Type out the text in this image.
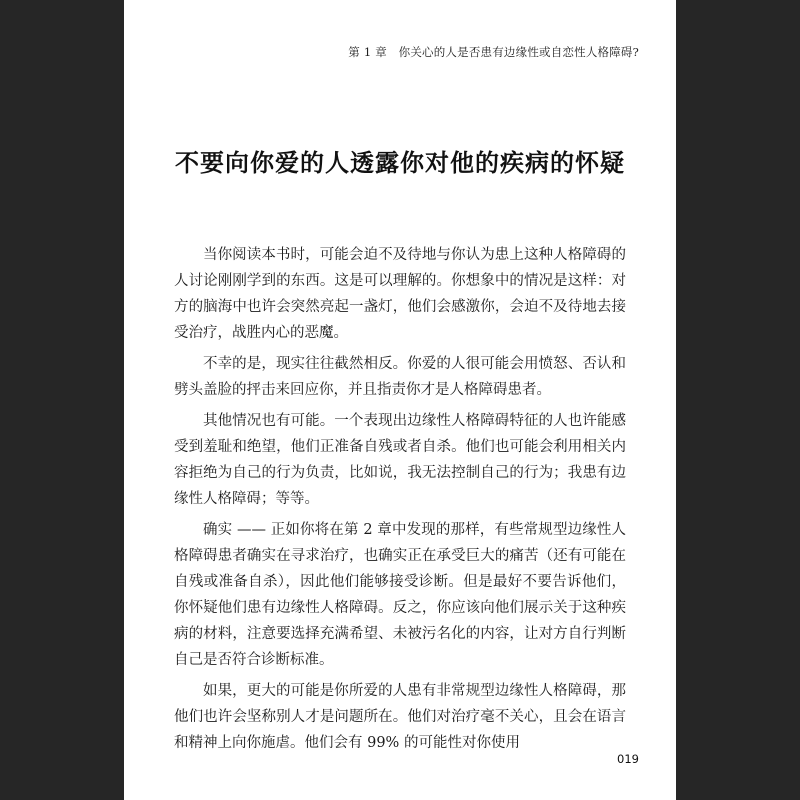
第 1 章　你关心的人是否患有边缘性或自恋性人格障碍?
不要向你爱的人透露你对他的疾病的怀疑

当你阅读本书时，可能会迫不及待地与你认为患上这种人格障碍的人讨论刚刚学到的东西。这是可以理解的。你想象中的情况是这样：对方的脑海中也许会突然亮起一盏灯，他们会感激你，会迫不及待地去接受治疗，战胜内心的恶魔。

不幸的是，现实往往截然相反。你爱的人很可能会用愤怒、否认和劈头盖脸的抨击来回应你，并且指责你才是人格障碍患者。

其他情况也有可能。一个表现出边缘性人格障碍特征的人也许能感受到羞耻和绝望，他们正准备自残或者自杀。他们也可能会利用相关内容拒绝为自己的行为负责，比如说，我无法控制自己的行为；我患有边缘性人格障碍；等等。

确实 —— 正如你将在第 2 章中发现的那样，有些常规型边缘性人格障碍患者确实在寻求治疗，也确实正在承受巨大的痛苦（还有可能在自残或准备自杀），因此他们能够接受诊断。但是最好不要告诉他们，你怀疑他们患有边缘性人格障碍。反之，你应该向他们展示关于这种疾病的材料，注意要选择充满希望、未被污名化的内容，让对方自行判断自己是否符合诊断标准。

如果，更大的可能是你所爱的人患有非常规型边缘性人格障碍，那他们也许会坚称别人才是问题所在。他们对治疗毫不关心，且会在语言和精神上向你施虐。他们会有 99% 的可能性对你使用

019
